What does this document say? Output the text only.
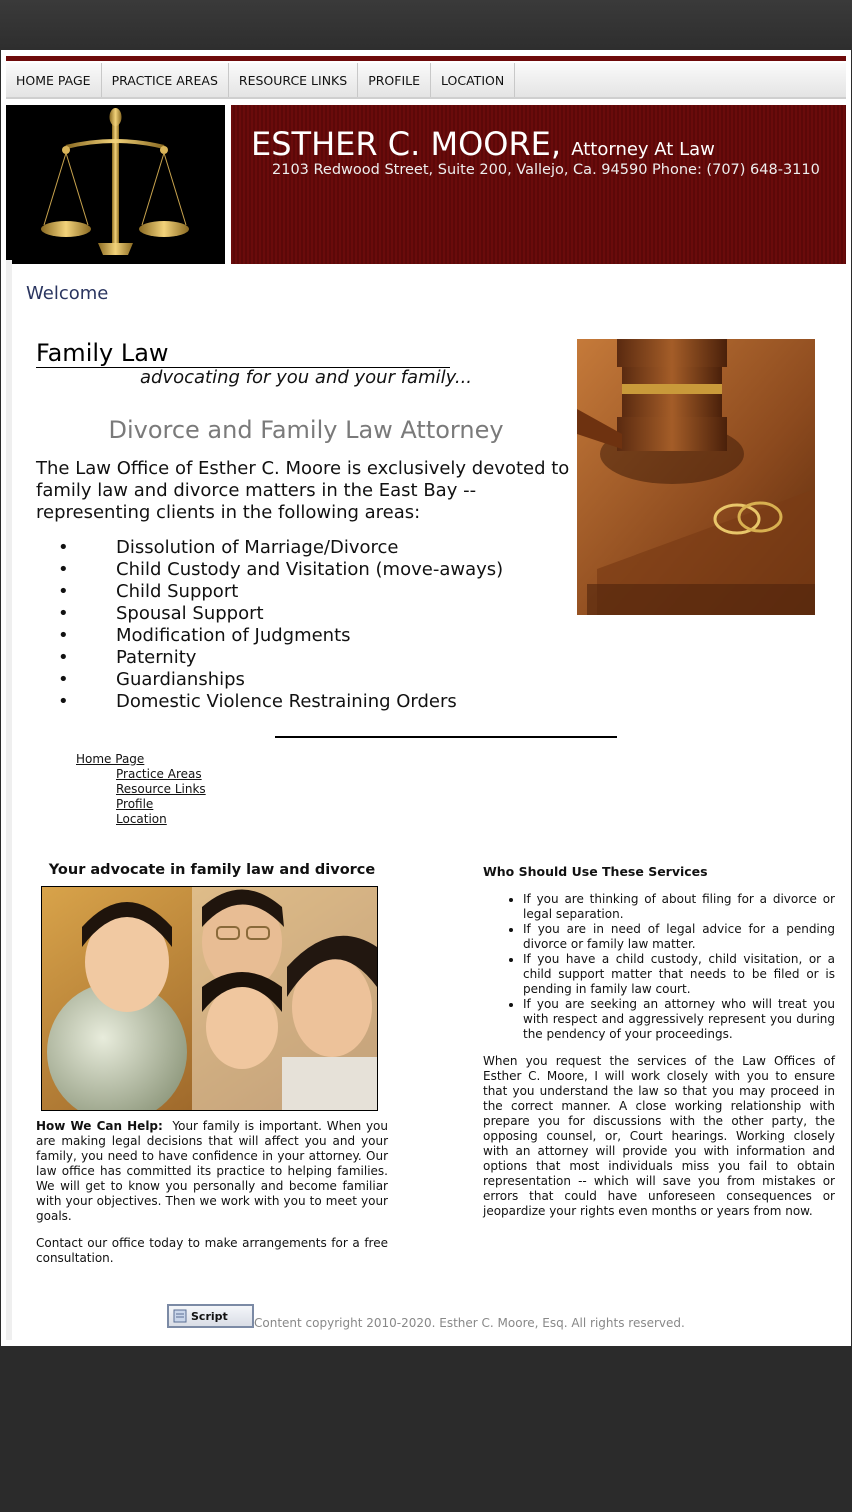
HOME PAGE	PRACTICE AREAS	RESOURCE LINKS	PROFILE	LOCATION
ESTHER C. MOORE, Attorney At Law
2103 Redwood Street, Suite 200, Vallejo, Ca. 94590 Phone: (707) 648-3110
Welcome
Family Law
advocating for you and your family...
Divorce and Family Law Attorney
The Law Office of Esther C. Moore is exclusively devoted to family law and divorce matters in the East Bay -- representing clients in the following areas:
• Dissolution of Marriage/Divorce
• Child Custody and Visitation (move-aways)
• Child Support
• Spousal Support
• Modification of Judgments
• Paternity
• Guardianships
• Domestic Violence Restraining Orders
Home Page
Practice Areas
Resource Links
Profile
Location
Your advocate in family law and divorce

How We Can Help: Your family is important. When you are making legal decisions that will affect you and your family, you need to have confidence in your attorney. Our law office has committed its practice to helping families. We will get to know you personally and become familiar with your objectives. Then we work with you to meet your goals.

Contact our office today to make arrangements for a free consultation.

Who Should Use These Services
• If you are thinking of about filing for a divorce or legal separation.
• If you are in need of legal advice for a pending divorce or family law matter.
• If you have a child custody, child visitation, or a child support matter that needs to be filed or is pending in family law court.
• If you are seeking an attorney who will treat you with respect and aggressively represent you during the pendency of your proceedings.

When you request the services of the Law Offices of Esther C. Moore, I will work closely with you to ensure that you understand the law so that you may proceed in the correct manner. A close working relationship with prepare you for discussions with the other party, the opposing counsel, or, Court hearings. Working closely with an attorney will provide you with information and options that most individuals miss you fail to obtain representation -- which will save you from mistakes or errors that could have unforeseen consequences or jeopardize your rights even months or years from now.

Script Content copyright 2010-2020. Esther C. Moore, Esq. All rights reserved.
